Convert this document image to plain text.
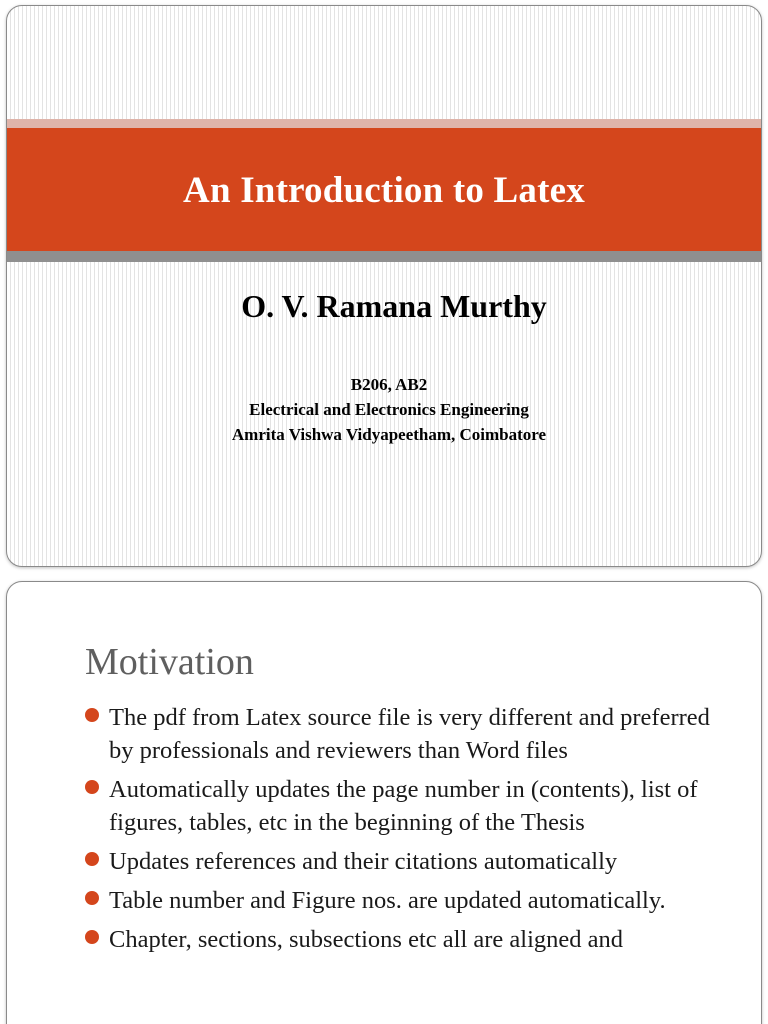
An Introduction to Latex
O. V. Ramana Murthy
B206, AB2
Electrical and Electronics Engineering
Amrita Vishwa Vidyapeetham, Coimbatore
Motivation
The pdf from Latex source file is very different and preferred by professionals and reviewers than Word files
Automatically updates the page number in (contents), list of figures, tables, etc in the beginning of the Thesis
Updates references and their citations automatically
Table number and Figure nos. are updated automatically.
Chapter, sections, subsections etc all are aligned and
